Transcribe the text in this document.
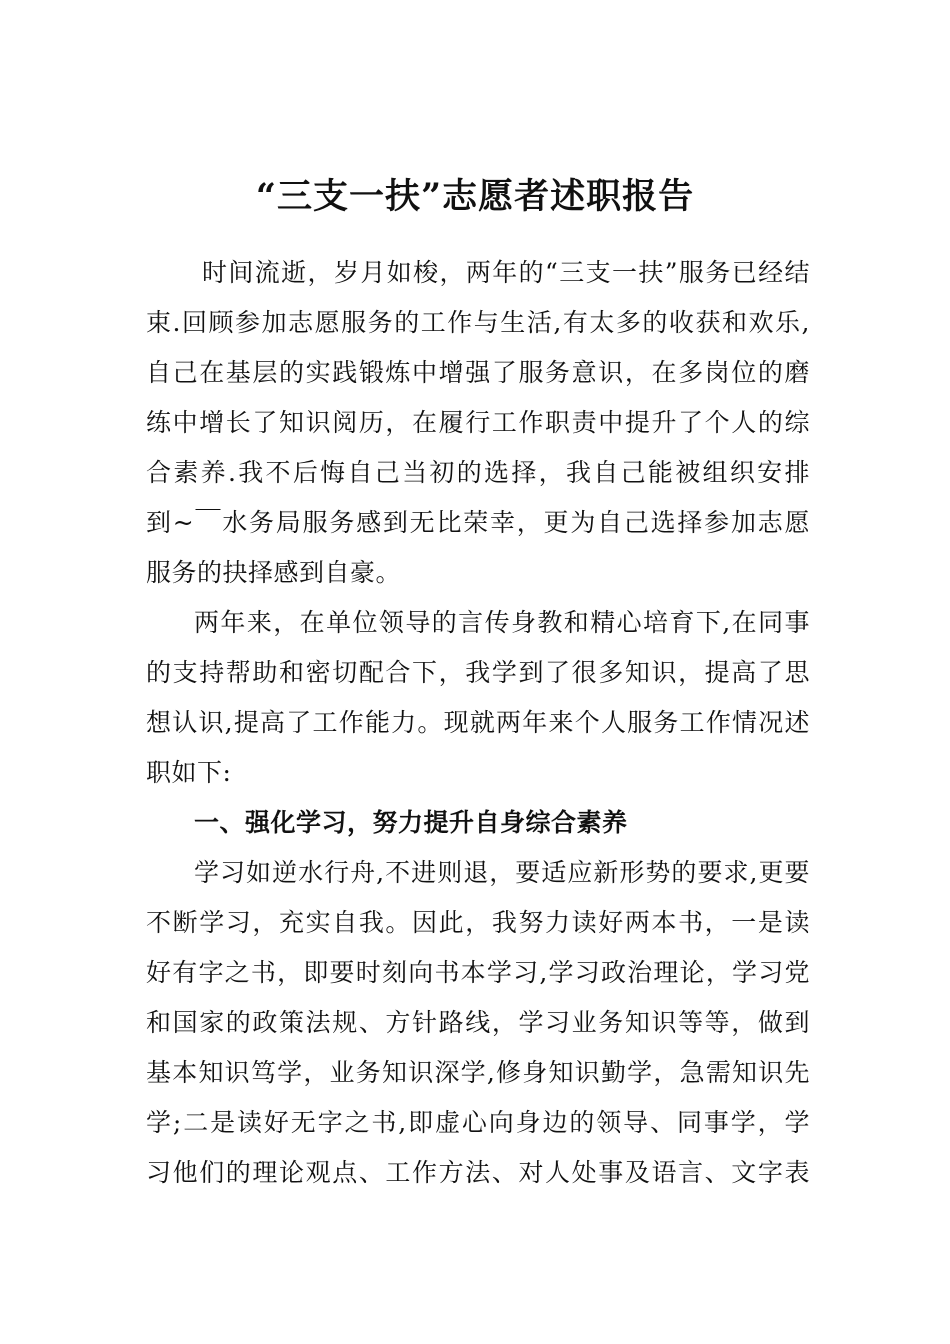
“三支一扶”志愿者述职报告
时间流逝，岁月如梭，两年的“三支一扶”服务已经结
束.回顾参加志愿服务的工作与生活,有太多的收获和欢乐,
自己在基层的实践锻炼中增强了服务意识，在多岗位的磨
练中增长了知识阅历，在履行工作职责中提升了个人的综
合素养.我不后悔自己当初的选择，我自己能被组织安排
到~￣水务局服务感到无比荣幸，更为自己选择参加志愿
服务的抉择感到自豪。
两年来，在单位领导的言传身教和精心培育下,在同事
的支持帮助和密切配合下，我学到了很多知识，提高了思
想认识,提高了工作能力。现就两年来个人服务工作情况述
职如下:
一、强化学习，努力提升自身综合素养
学习如逆水行舟,不进则退，要适应新形势的要求,更要
不断学习，充实自我。因此，我努力读好两本书，一是读
好有字之书，即要时刻向书本学习,学习政治理论，学习党
和国家的政策法规、方针路线，学习业务知识等等，做到
基本知识笃学，业务知识深学,修身知识勤学，急需知识先
学;二是读好无字之书,即虚心向身边的领导、同事学，学
习他们的理论观点、工作方法、对人处事及语言、文字表
